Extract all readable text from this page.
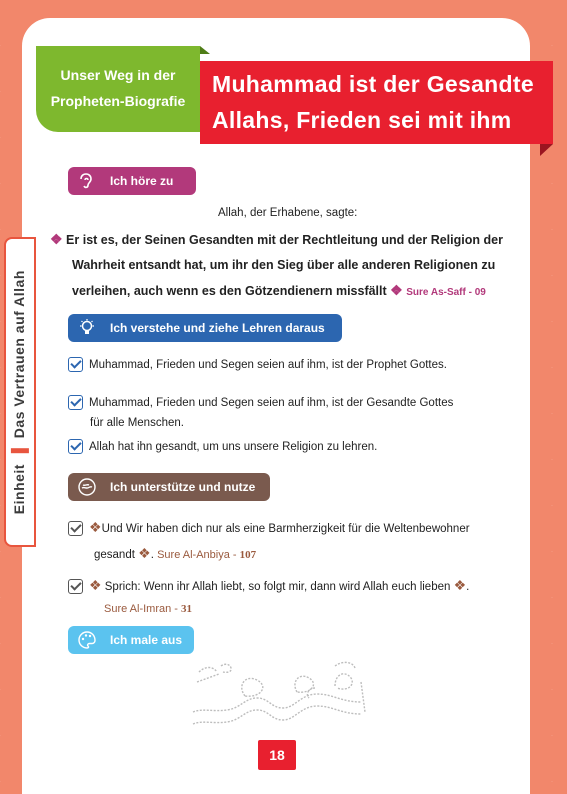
Einheit  Das Vertrauen auf Allah
Unser Weg in der
Propheten-Biografie
Muhammad ist der Gesandte
Allahs, Frieden sei mit ihm
Ich höre zu
Allah, der Erhabene, sagte:
❖ Er ist es, der Seinen Gesandten mit der Rechtleitung und der Religion der
Wahrheit entsandt hat, um ihr den Sieg über alle anderen Religionen zu
verleihen, auch wenn es den Götzendienern missfällt ❖ Sure As-Saff - 09
Ich verstehe und ziehe Lehren daraus
Muhammad, Frieden und Segen seien auf ihm, ist der Prophet Gottes.
Muhammad, Frieden und Segen seien auf ihm, ist der Gesandte Gottes
für alle Menschen.
Allah hat ihn gesandt, um uns unsere Religion zu lehren.
Ich unterstütze und nutze
❖Und Wir haben dich nur als eine Barmherzigkeit für die Weltenbewohner
gesandt ❖. Sure Al-Anbiya - 107
❖ Sprich: Wenn ihr Allah liebt, so folgt mir, dann wird Allah euch lieben ❖.
Sure Al-Imran - 31
Ich male aus
18
